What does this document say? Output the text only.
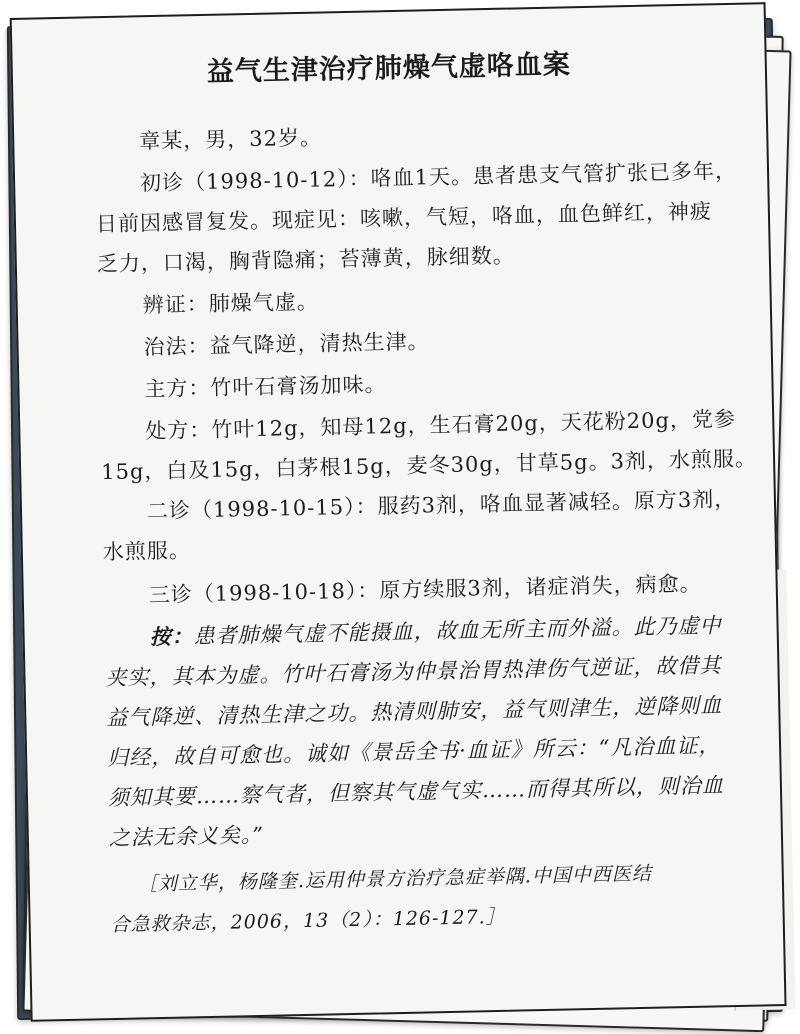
益气生津治疗肺燥气虚咯血案
章某，男，32岁。
初诊（1998-10-12）：咯血1天。患者患支气管扩张已多年，
日前因感冒复发。现症见：咳嗽，气短，咯血，血色鲜红，神疲
乏力，口渴，胸背隐痛；苔薄黄，脉细数。
辨证：肺燥气虚。
治法：益气降逆，清热生津。
主方：竹叶石膏汤加味。
处方：竹叶12g，知母12g，生石膏20g，天花粉20g，党参
15g，白及15g，白茅根15g，麦冬30g，甘草5g。3剂，水煎服。
二诊（1998-10-15）：服药3剂，咯血显著减轻。原方3剂，
水煎服。
三诊（1998-10-18）：原方续服3剂，诸症消失，病愈。
按：患者肺燥气虚不能摄血，故血无所主而外溢。此乃虚中
夹实，其本为虚。竹叶石膏汤为仲景治胃热津伤气逆证，故借其
益气降逆、清热生津之功。热清则肺安，益气则津生，逆降则血
归经，故自可愈也。诚如《景岳全书·血证》所云：“凡治血证，
须知其要……察气者，但察其气虚气实……而得其所以，则治血
之法无余义矣。”
［刘立华，杨隆奎.运用仲景方治疗急症举隅.中国中西医结
合急救杂志，2006，13（2）：126-127.］
